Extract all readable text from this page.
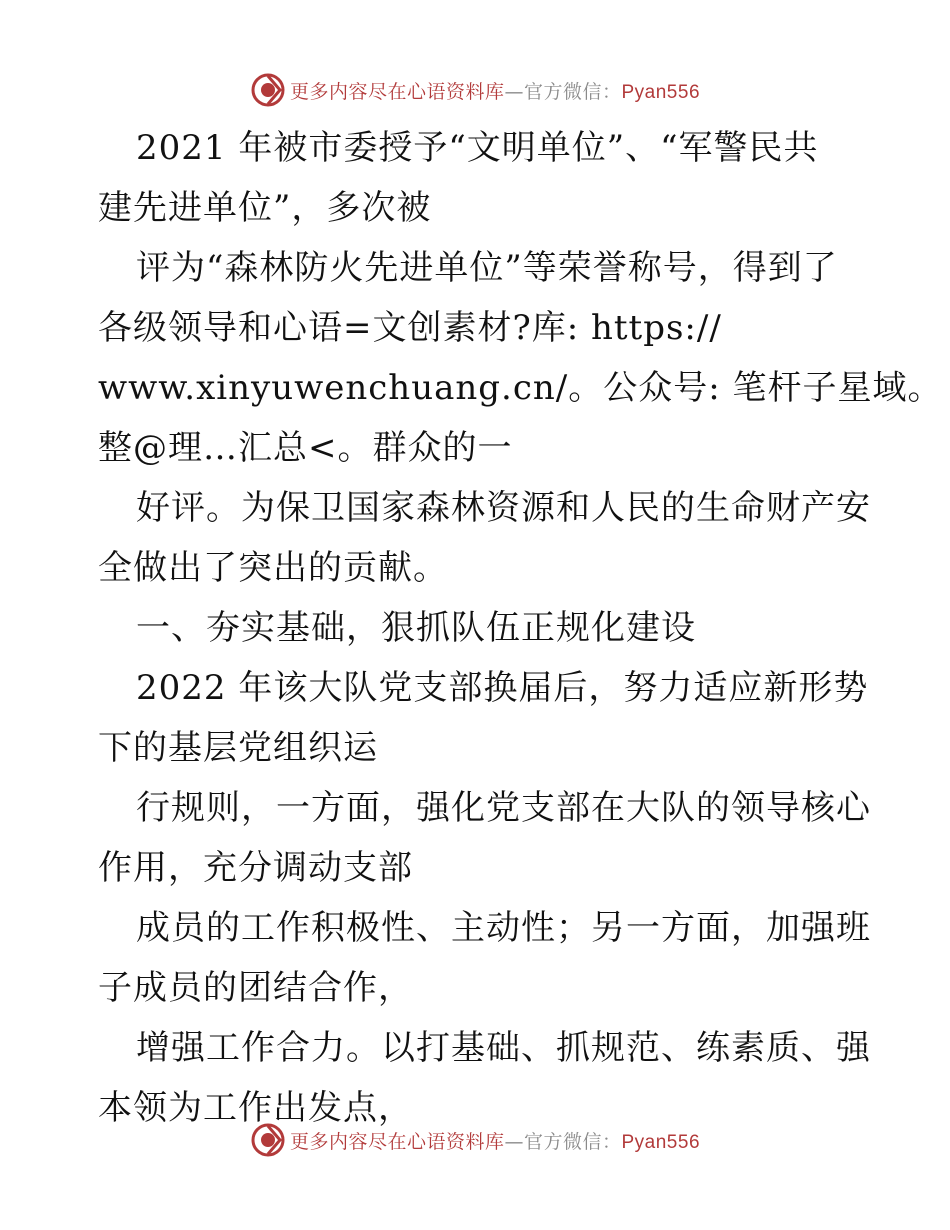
更多内容尽在心语资料库—官方微信：Pyan556
2021 年被市委授予“文明单位”、“军警民共
建先进单位”，多次被
评为“森林防火先进单位”等荣誉称号，得到了
各级领导和心语=文创素材?库: https://
www.xinyuwenchuang.cn/。公众号: 笔杆子星域。
整@理…汇总<。群众的一
好评。为保卫国家森林资源和人民的生命财产安
全做出了突出的贡献。
一、夯实基础，狠抓队伍正规化建设
2022 年该大队党支部换届后，努力适应新形势
下的基层党组织运
行规则，一方面，强化党支部在大队的领导核心
作用，充分调动支部
成员的工作积极性、主动性；另一方面，加强班
子成员的团结合作，
增强工作合力。以打基础、抓规范、练素质、强
本领为工作出发点，
更多内容尽在心语资料库—官方微信：Pyan556
